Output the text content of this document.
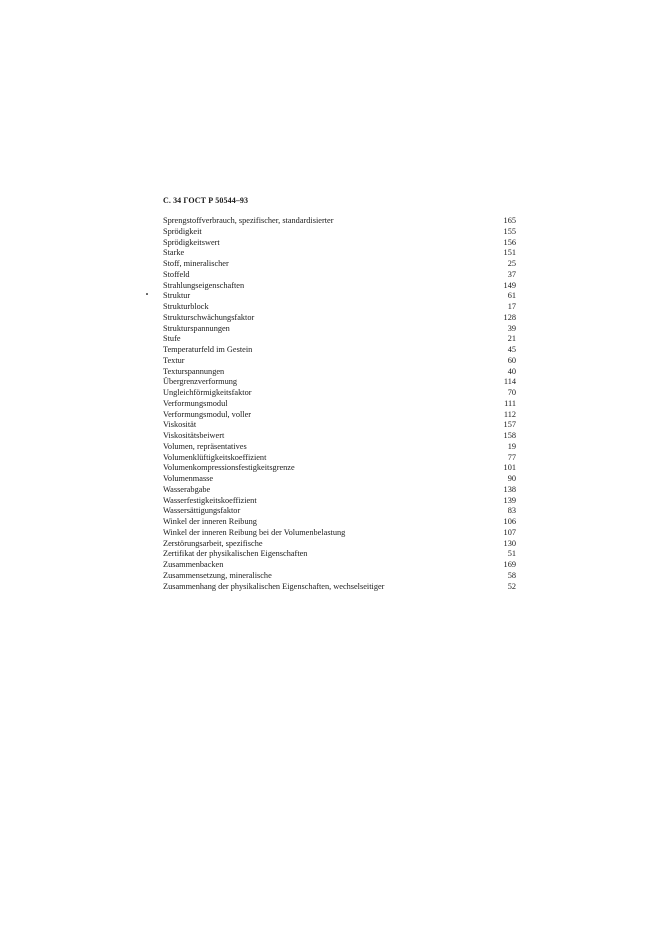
С. 34 ГОСТ Р 50544–93
Sprengstoffverbrauch, spezifischer, standardisierter	165
Sprödigkeit	155
Sprödigkeitswert	156
Starke	151
Stoff, mineralischer	25
Stoffeld	37
Strahlungseigenschaften	149
Struktur	61
Strukturblock	17
Strukturschwächungsfaktor	128
Strukturspannungen	39
Stufe	21
Temperaturfeld im Gestein	45
Textur	60
Texturspannungen	40
Übergrenzverformung	114
Ungleichförmigkeitsfaktor	70
Verformungsmodul	111
Verformungsmodul, voller	112
Viskosität	157
Viskositätsbeiwert	158
Volumen, repräsentatives	19
Volumenklüftigkeitskoeffizient	77
Volumenkompressionsfestigkeitsgrenze	101
Volumenmasse	90
Wasserabgabe	138
Wasserfestigkeitskoeffizient	139
Wassersättigungsfaktor	83
Winkel der inneren Reibung	106
Winkel der inneren Reibung bei der Volumenbelastung	107
Zerstörungsarbeit, spezifische	130
Zertifikat der physikalischen Eigenschaften	51
Zusammenbacken	169
Zusammensetzung, mineralische	58
Zusammenhang der physikalischen Eigenschaften, wechselseitiger	52
